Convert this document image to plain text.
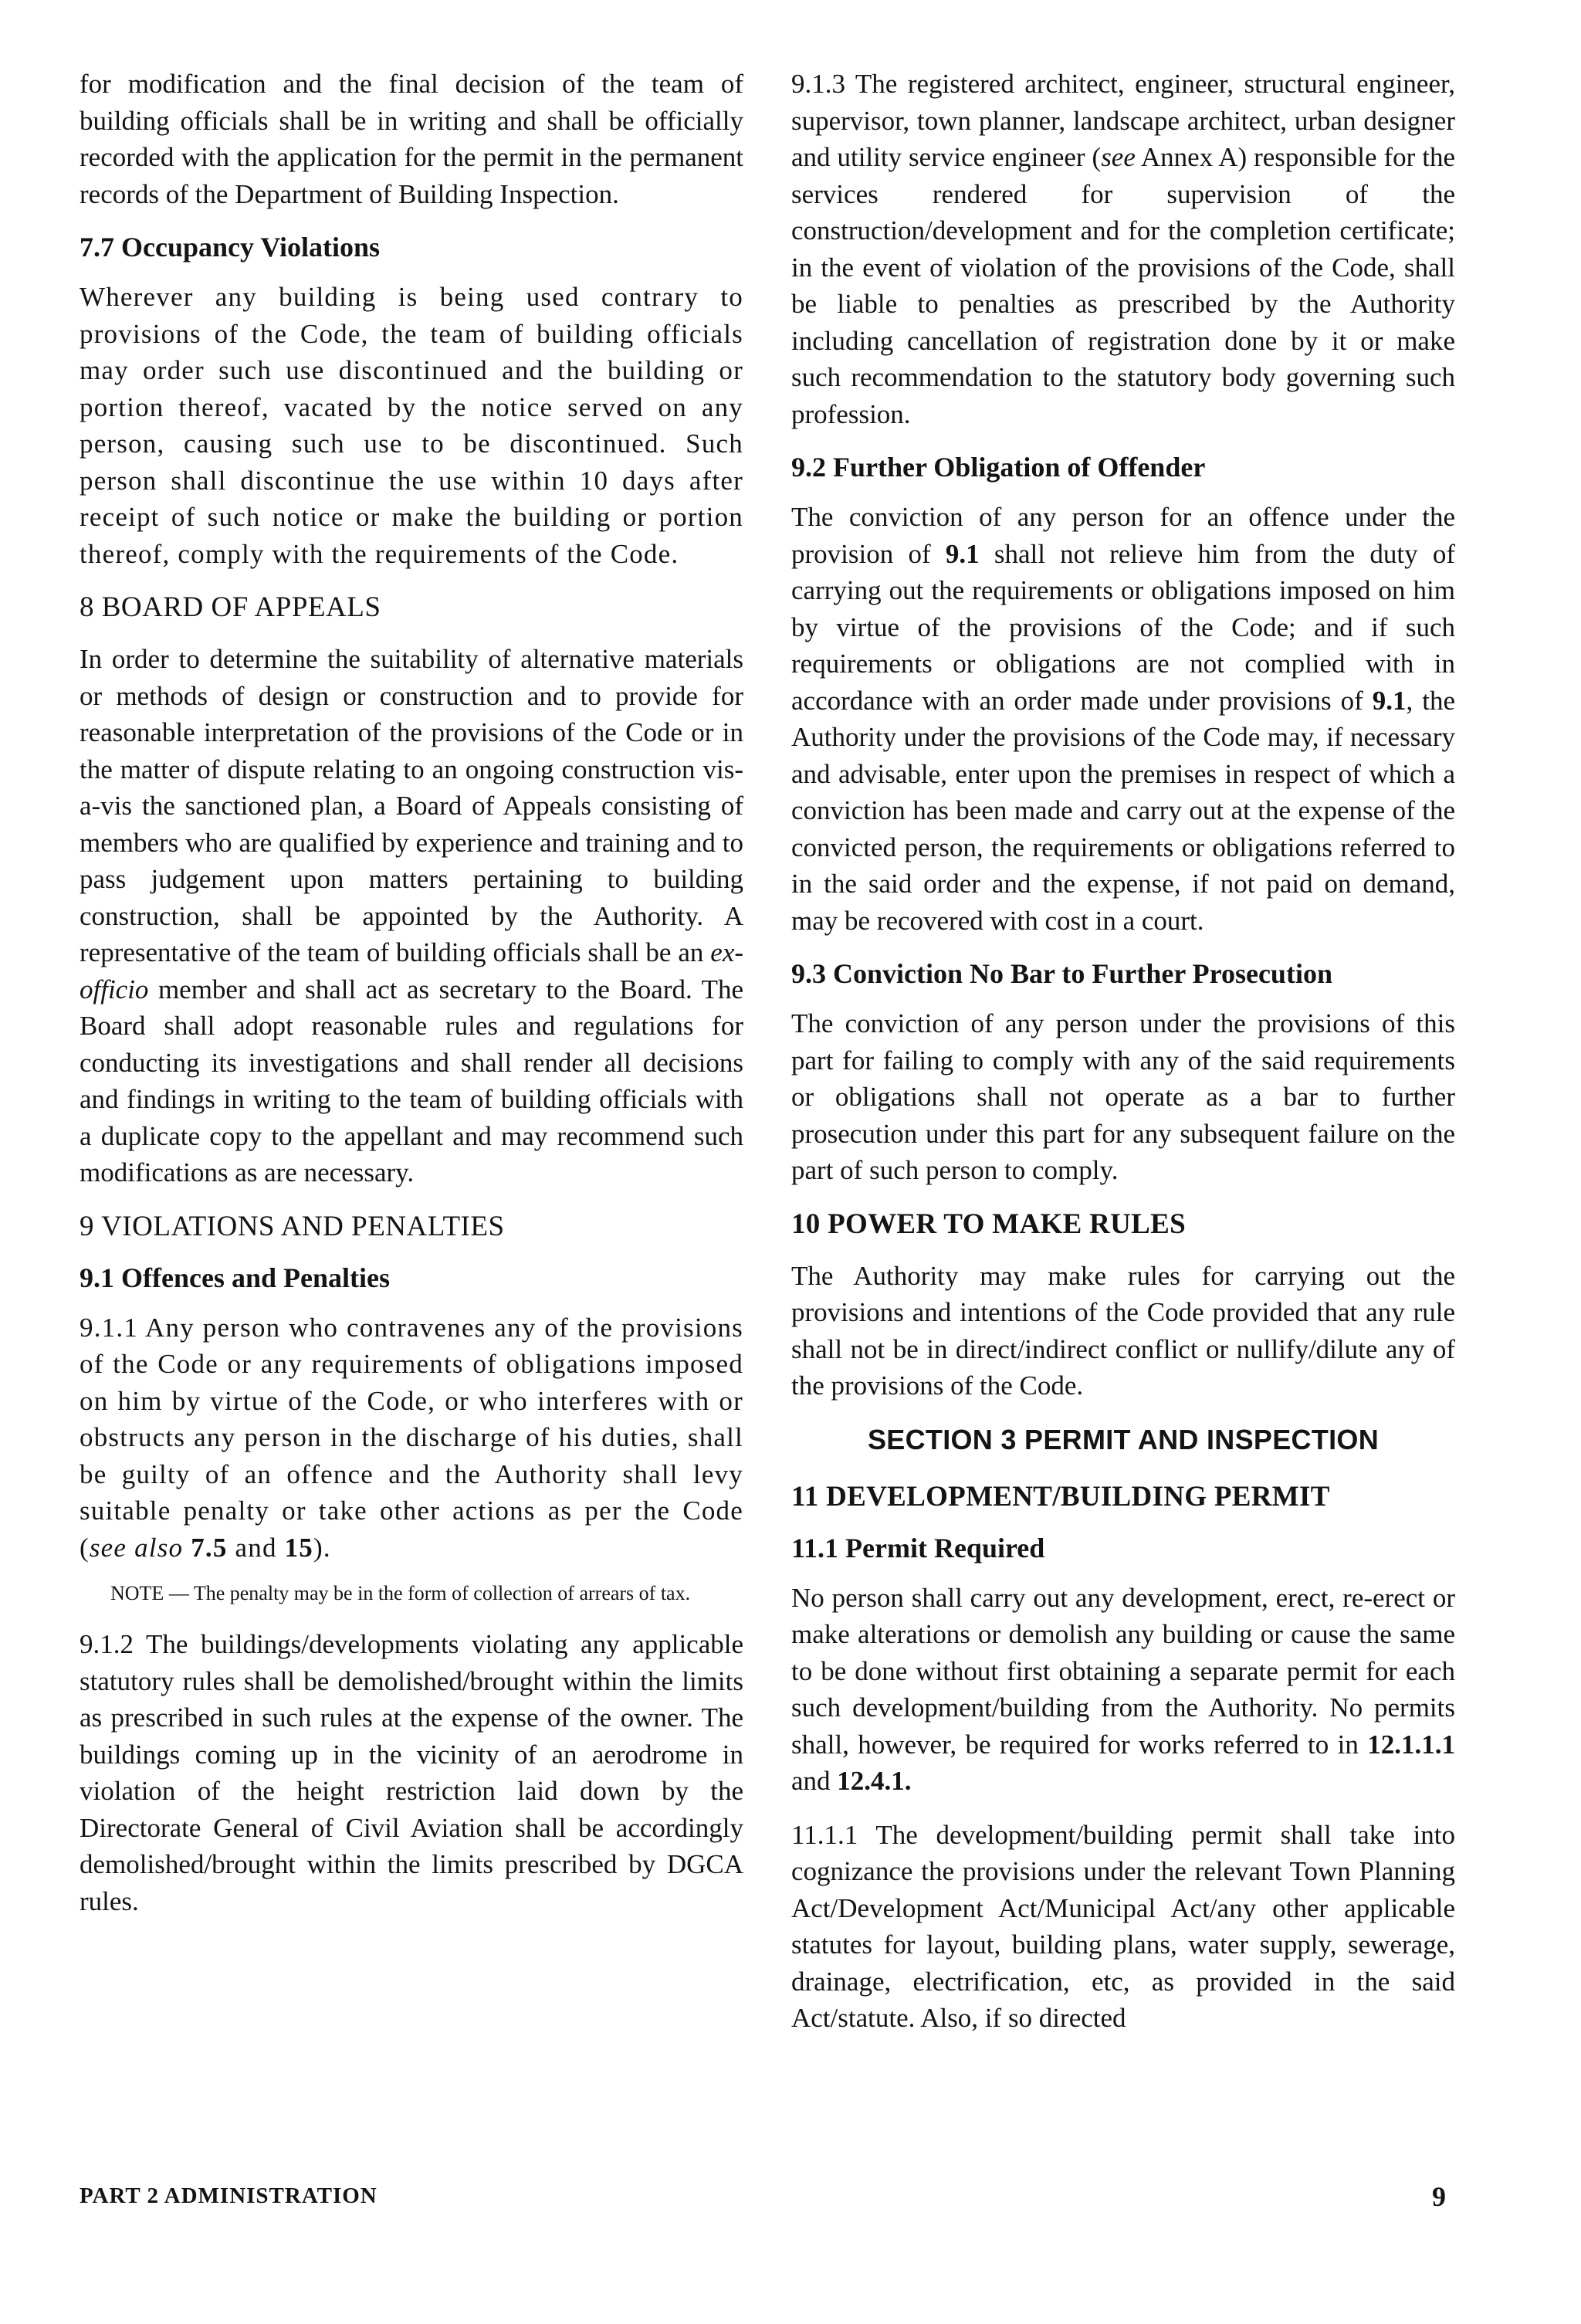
for modification and the final decision of the team of building officials shall be in writing and shall be officially recorded with the application for the permit in the permanent records of the Department of Building Inspection.

7.7 Occupancy Violations

Wherever any building is being used contrary to provisions of the Code, the team of building officials may order such use discontinued and the building or portion thereof, vacated by the notice served on any person, causing such use to be discontinued. Such person shall discontinue the use within 10 days after receipt of such notice or make the building or portion thereof, comply with the requirements of the Code.

8 BOARD OF APPEALS

In order to determine the suitability of alternative materials or methods of design or construction and to provide for reasonable interpretation of the provisions of the Code or in the matter of dispute relating to an ongoing construction vis-a-vis the sanctioned plan, a Board of Appeals consisting of members who are qualified by experience and training and to pass judgement upon matters pertaining to building construction, shall be appointed by the Authority. A representative of the team of building officials shall be an ex-officio member and shall act as secretary to the Board. The Board shall adopt reasonable rules and regulations for conducting its investigations and shall render all decisions and findings in writing to the team of building officials with a duplicate copy to the appellant and may recommend such modifications as are necessary.

9 VIOLATIONS AND PENALTIES
9.1 Offences and Penalties

9.1.1 Any person who contravenes any of the provisions of the Code or any requirements of obligations imposed on him by virtue of the Code, or who interferes with or obstructs any person in the discharge of his duties, shall be guilty of an offence and the Authority shall levy suitable penalty or take other actions as per the Code (see also 7.5 and 15).

NOTE — The penalty may be in the form of collection of arrears of tax.

9.1.2 The buildings/developments violating any applicable statutory rules shall be demolished/brought within the limits as prescribed in such rules at the expense of the owner. The buildings coming up in the vicinity of an aerodrome in violation of the height restriction laid down by the Directorate General of Civil Aviation shall be accordingly demolished/brought within the limits prescribed by DGCA rules.

9.1.3 The registered architect, engineer, structural engineer, supervisor, town planner, landscape architect, urban designer and utility service engineer (see Annex A) responsible for the services rendered for supervision of the construction/development and for the completion certificate; in the event of violation of the provisions of the Code, shall be liable to penalties as prescribed by the Authority including cancellation of registration done by it or make such recommendation to the statutory body governing such profession.

9.2 Further Obligation of Offender

The conviction of any person for an offence under the provision of 9.1 shall not relieve him from the duty of carrying out the requirements or obligations imposed on him by virtue of the provisions of the Code; and if such requirements or obligations are not complied with in accordance with an order made under provisions of 9.1, the Authority under the provisions of the Code may, if necessary and advisable, enter upon the premises in respect of which a conviction has been made and carry out at the expense of the convicted person, the requirements or obligations referred to in the said order and the expense, if not paid on demand, may be recovered with cost in a court.

9.3 Conviction No Bar to Further Prosecution

The conviction of any person under the provisions of this part for failing to comply with any of the said requirements or obligations shall not operate as a bar to further prosecution under this part for any subsequent failure on the part of such person to comply.

10 POWER TO MAKE RULES

The Authority may make rules for carrying out the provisions and intentions of the Code provided that any rule shall not be in direct/indirect conflict or nullify/dilute any of the provisions of the Code.

SECTION 3 PERMIT AND INSPECTION
11 DEVELOPMENT/BUILDING PERMIT
11.1 Permit Required

No person shall carry out any development, erect, re-erect or make alterations or demolish any building or cause the same to be done without first obtaining a separate permit for each such development/building from the Authority. No permits shall, however, be required for works referred to in 12.1.1.1 and 12.4.1.

11.1.1 The development/building permit shall take into cognizance the provisions under the relevant Town Planning Act/Development Act/Municipal Act/any other applicable statutes for layout, building plans, water supply, sewerage, drainage, electrification, etc, as provided in the said Act/statute. Also, if so directed

PART 2 ADMINISTRATION	9
